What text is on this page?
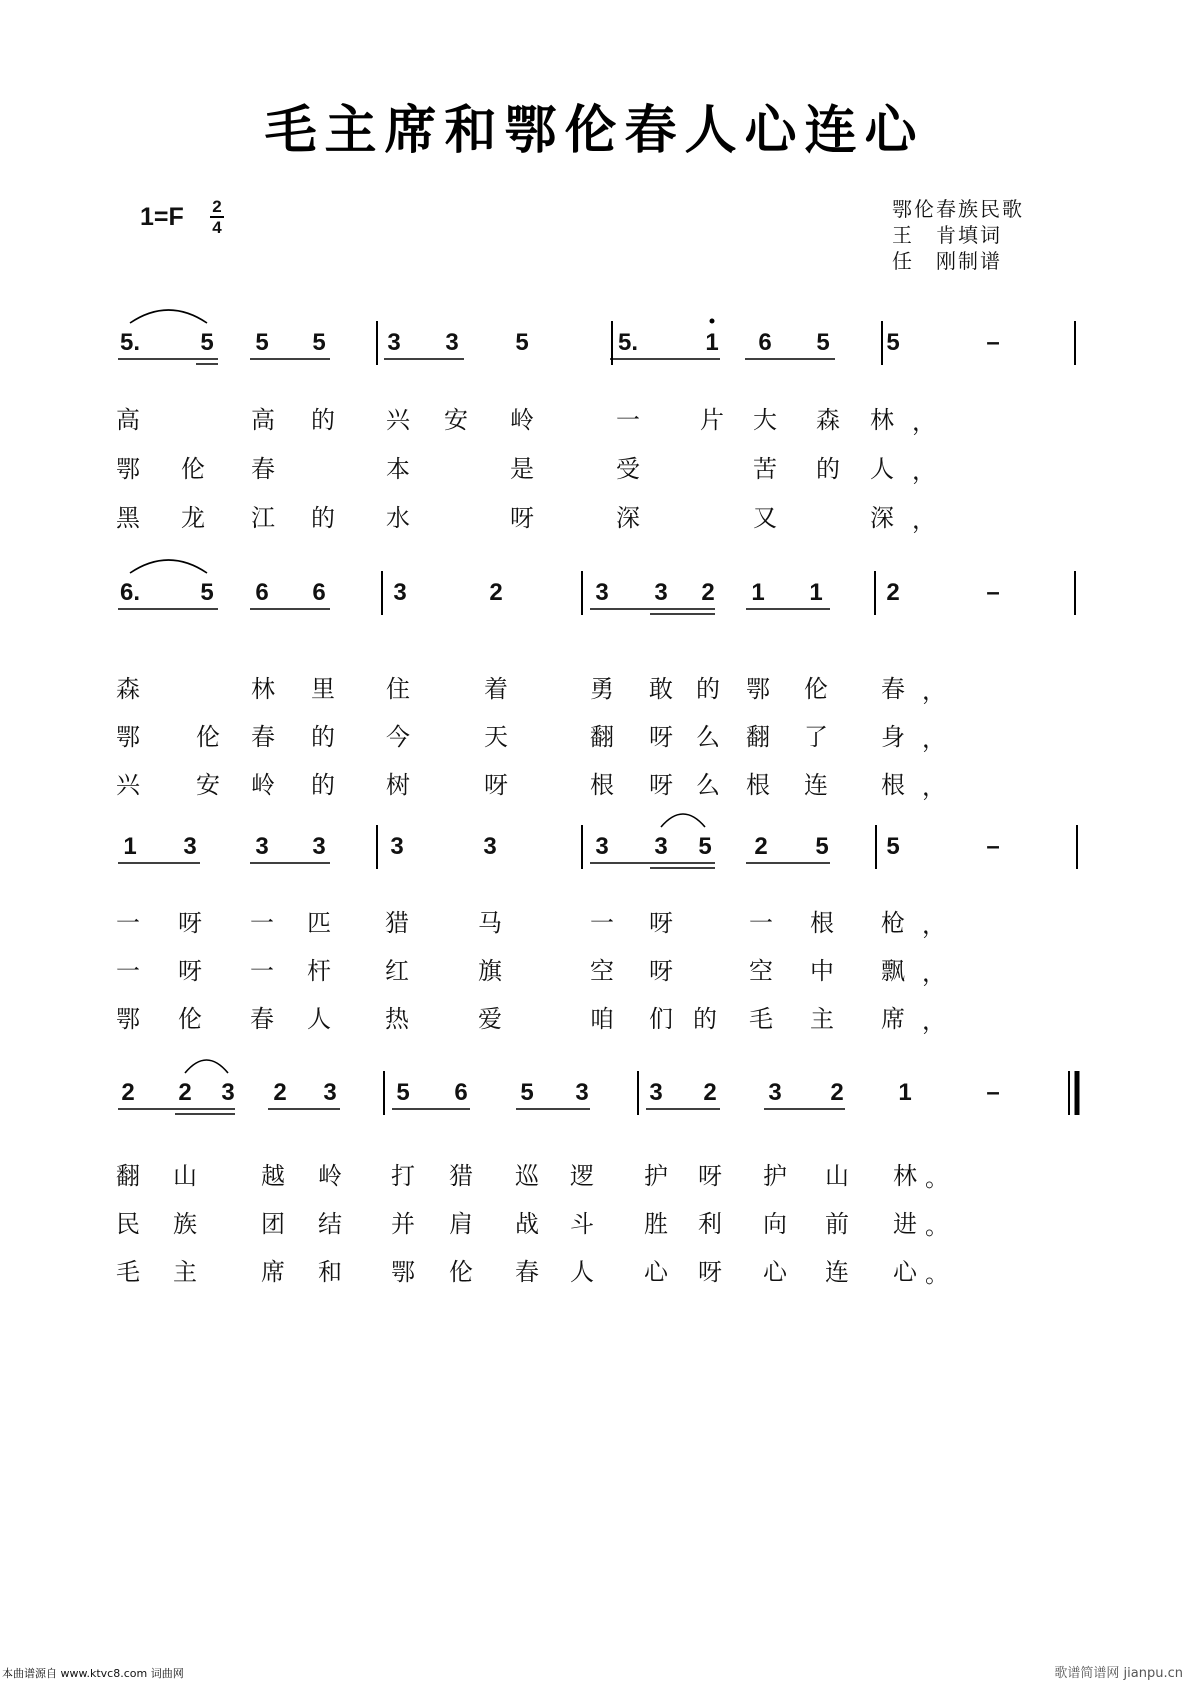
毛主席和鄂伦春人心连心
1=F 2
4
鄂伦春族民歌
王　肯填词
任　刚制谱
5.	5 5 5	3 3 5	5.	1 6 5 5	–
高	高 的 兴 安 岭	一	片 大 森 林 ，
鄂 伦 春	本	是	受	苦 的 人 ，
黑 龙 江 的 水	呀	深	又	深 ，
6.	5 6 6	3	2	3 3 2 1 1	2	–
森	林 里 住	着	勇 敢 的 鄂 伦 春 ，
鄂 伦 春 的 今	天	翻 呀 么 翻 了 身 ，
兴 安 岭 的 树	呀	根 呀 么 根 连 根 ，
1 3 3 3	3	3	3 3 5 2 5 5	–
一 呀 一 匹 猎	马	一 呀	一 根 枪 ，
一 呀 一 杆 红	旗	空 呀	空 中 飘 ，
鄂 伦 春 人 热	爱	咱 们 的 毛 主 席 ，
2 2 3 2 3 5 6 5 3	3 2 3 2 1	–
翻 山	越 岭 打 猎 巡 逻 护 呀 护 山 林 。
民 族	团 结 并 肩 战 斗 胜 利 向 前 进 。
毛 主	席 和 鄂 伦 春 人 心 呀 心 连 心 。
本曲谱源自 www.ktvc8.com 词曲网	歌谱简谱网 jianpu.cn
